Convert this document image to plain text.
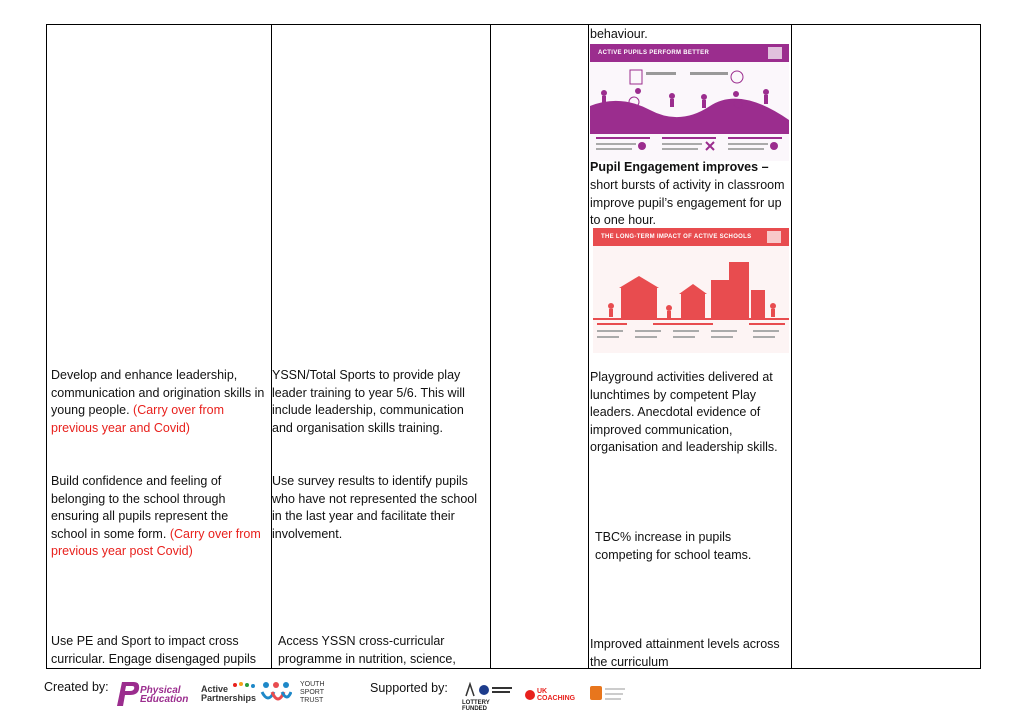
Develop and enhance leadership, communication and origination skills in young people. (Carry over from previous year and Covid)
Build confidence and feeling of belonging to the school through ensuring all pupils represent the school in some form. (Carry over from previous year post Covid)
Use PE and Sport to impact cross curricular. Engage disengaged pupils
YSSN/Total Sports to provide play leader training to year 5/6. This will include leadership, communication and organisation skills training.
Use survey results to identify pupils who have not represented the school in the last year and facilitate their involvement.
Access YSSN cross-curricular programme in nutrition, science,
behaviour.
ACTIVE PUPILS PERFORM BETTER
Pupil Engagement improves –
short bursts of activity in classroom improve pupil’s engagement for up to one hour.
THE LONG-TERM IMPACT OF ACTIVE SCHOOLS
Playground activities delivered at lunchtimes by competent Play leaders. Anecdotal evidence of improved communication, organisation and leadership skills.
TBC% increase in pupils competing for school teams.
Improved attainment levels across the curriculum
Created by:	Physical Education
Active Partnerships
YOUTH SPORT TRUST
Supported by:
LOTTERY FUNDED
UK COACHING
